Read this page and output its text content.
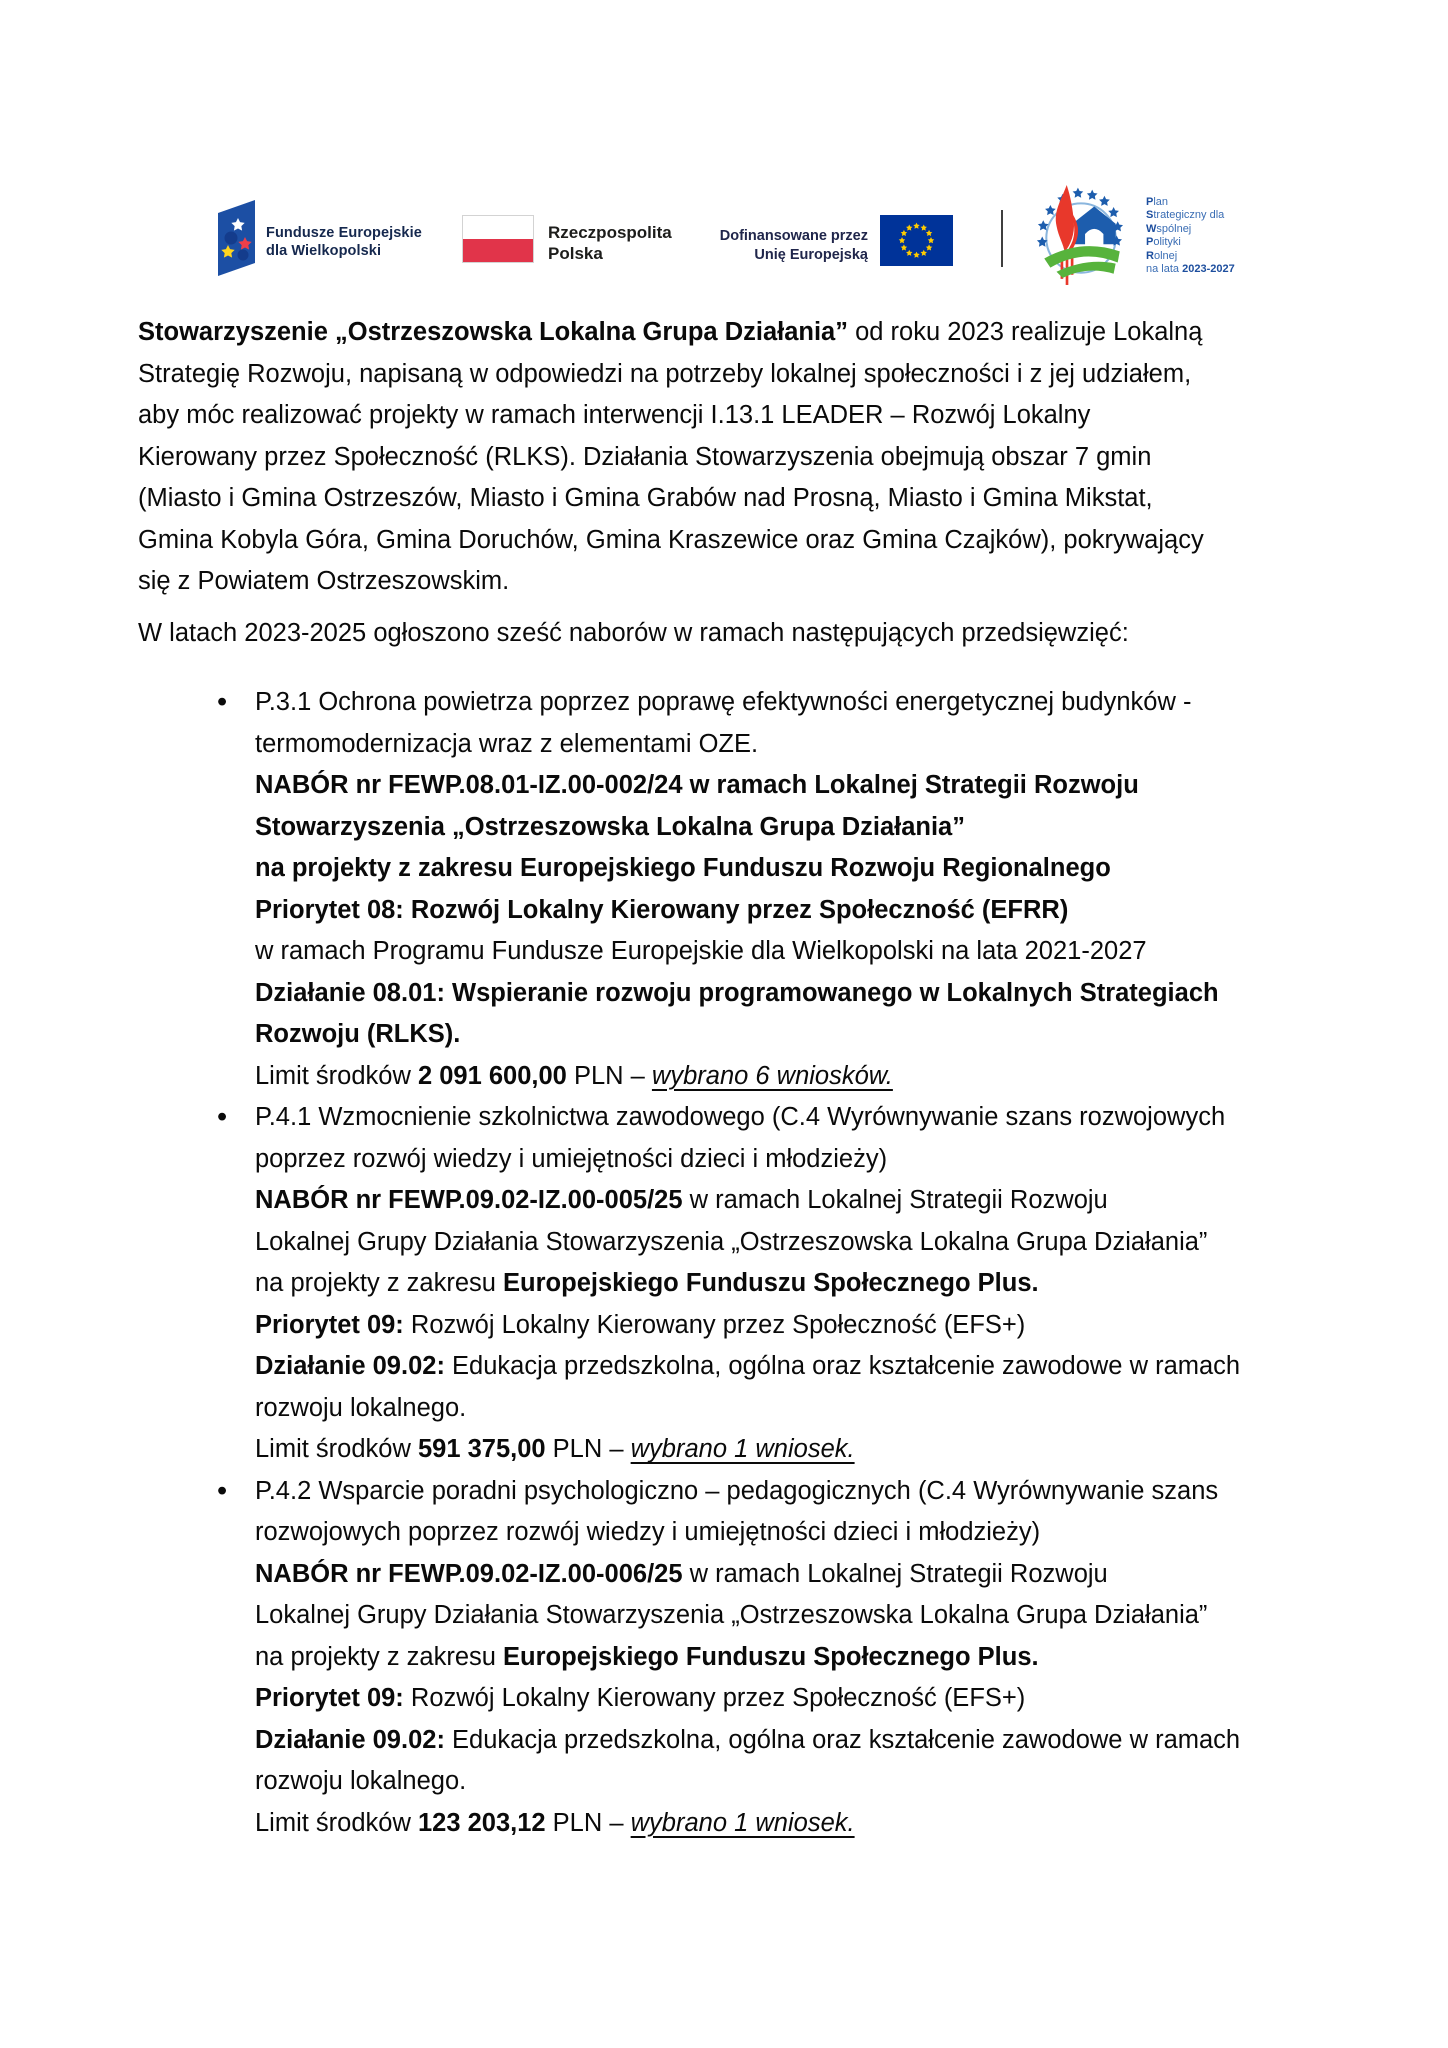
Fundusze Europejskie
dla Wielkopolski
Rzeczpospolita
Polska
Dofinansowane przez
Unię Europejską
Plan
Strategiczny dla
Wspólnej
Polityki
Rolnej
na lata 2023-2027
Stowarzyszenie „Ostrzeszowska Lokalna Grupa Działania” od roku 2023 realizuje Lokalną
Strategię Rozwoju, napisaną w odpowiedzi na potrzeby lokalnej społeczności i z jej udziałem,
aby móc realizować projekty w ramach interwencji I.13.1 LEADER – Rozwój Lokalny
Kierowany przez Społeczność (RLKS). Działania Stowarzyszenia obejmują obszar 7 gmin
(Miasto i Gmina Ostrzeszów, Miasto i Gmina Grabów nad Prosną, Miasto i Gmina Mikstat,
Gmina Kobyla Góra, Gmina Doruchów, Gmina Kraszewice oraz Gmina Czajków), pokrywający
się z Powiatem Ostrzeszowskim.
W latach 2023-2025 ogłoszono sześć naborów w ramach następujących przedsięwzięć:
• P.3.1 Ochrona powietrza poprzez poprawę efektywności energetycznej budynków -
termomodernizacja wraz z elementami OZE.
NABÓR nr FEWP.08.01-IZ.00-002/24 w ramach Lokalnej Strategii Rozwoju
Stowarzyszenia „Ostrzeszowska Lokalna Grupa Działania”
na projekty z zakresu Europejskiego Funduszu Rozwoju Regionalnego
Priorytet 08: Rozwój Lokalny Kierowany przez Społeczność (EFRR)
w ramach Programu Fundusze Europejskie dla Wielkopolski na lata 2021-2027
Działanie 08.01: Wspieranie rozwoju programowanego w Lokalnych Strategiach
Rozwoju (RLKS).
Limit środków 2 091 600,00 PLN – wybrano 6 wniosków.
• P.4.1 Wzmocnienie szkolnictwa zawodowego (C.4 Wyrównywanie szans rozwojowych
poprzez rozwój wiedzy i umiejętności dzieci i młodzieży)
NABÓR nr FEWP.09.02-IZ.00-005/25 w ramach Lokalnej Strategii Rozwoju
Lokalnej Grupy Działania Stowarzyszenia „Ostrzeszowska Lokalna Grupa Działania”
na projekty z zakresu Europejskiego Funduszu Społecznego Plus.
Priorytet 09: Rozwój Lokalny Kierowany przez Społeczność (EFS+)
Działanie 09.02: Edukacja przedszkolna, ogólna oraz kształcenie zawodowe w ramach
rozwoju lokalnego.
Limit środków 591 375,00 PLN – wybrano 1 wniosek.
• P.4.2 Wsparcie poradni psychologiczno – pedagogicznych (C.4 Wyrównywanie szans
rozwojowych poprzez rozwój wiedzy i umiejętności dzieci i młodzieży)
NABÓR nr FEWP.09.02-IZ.00-006/25 w ramach Lokalnej Strategii Rozwoju
Lokalnej Grupy Działania Stowarzyszenia „Ostrzeszowska Lokalna Grupa Działania”
na projekty z zakresu Europejskiego Funduszu Społecznego Plus.
Priorytet 09: Rozwój Lokalny Kierowany przez Społeczność (EFS+)
Działanie 09.02: Edukacja przedszkolna, ogólna oraz kształcenie zawodowe w ramach
rozwoju lokalnego.
Limit środków 123 203,12 PLN – wybrano 1 wniosek.
